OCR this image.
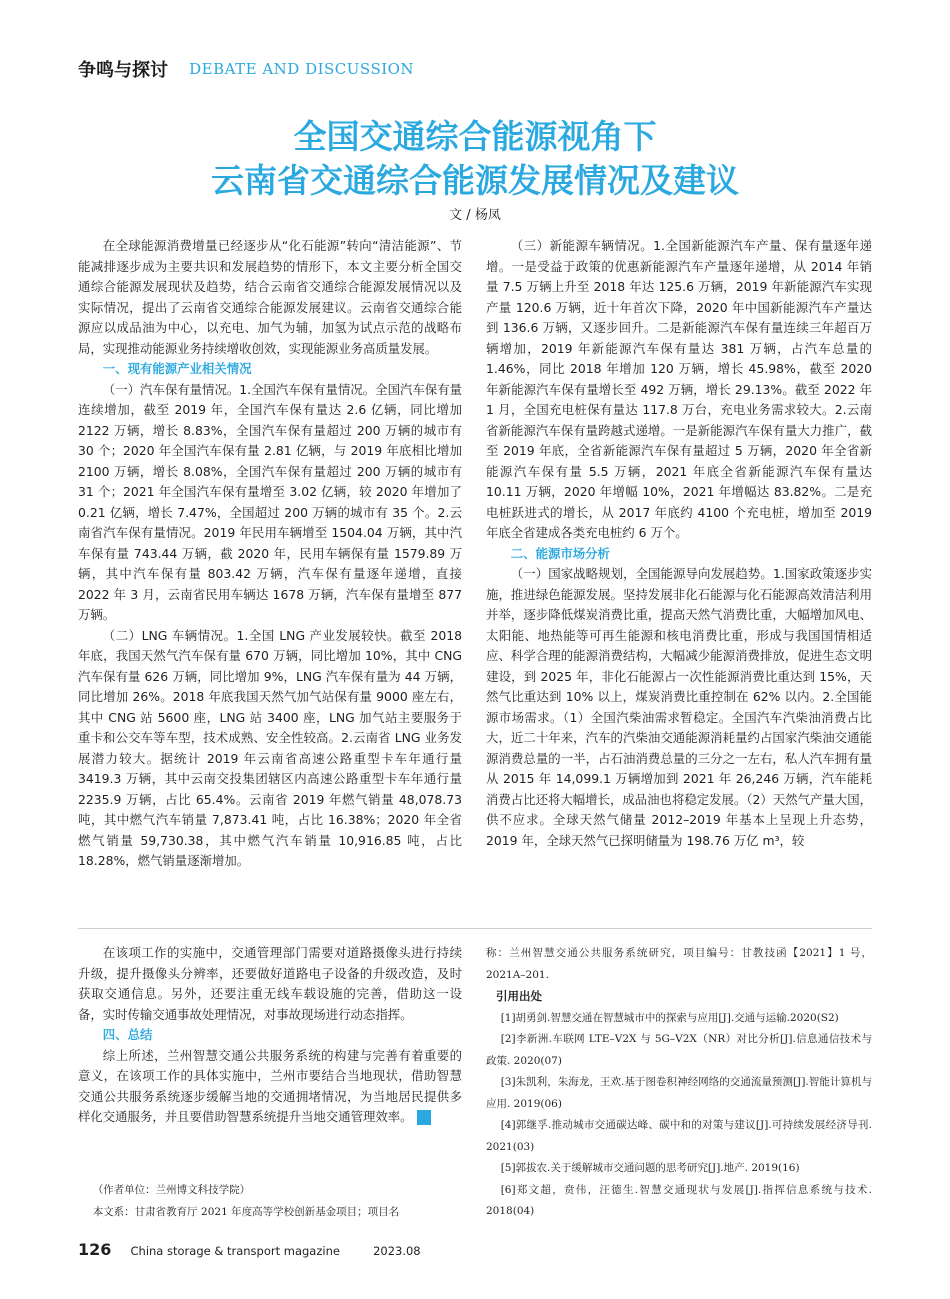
争鸣与探讨 DEBATE AND DISCUSSION
全国交通综合能源视角下
云南省交通综合能源发展情况及建议
文 / 杨凤

在全球能源消费增量已经逐步从“化石能源”转向“清洁能源”、节能减排逐步成为主要共识和发展趋势的情形下，本文主要分析全国交通综合能源发展现状及趋势，结合云南省交通综合能源发展情况以及实际情况，提出了云南省交通综合能源发展建议。云南省交通综合能源应以成品油为中心，以充电、加气为辅，加氢为试点示范的战略布局，实现推动能源业务持续增收创效，实现能源业务高质量发展。

一、现有能源产业相关情况

（一）汽车保有量情况。1.全国汽车保有量情况。全国汽车保有量连续增加，截至 2019 年，全国汽车保有量达 2.6 亿辆，同比增加 2122 万辆，增长 8.83%，全国汽车保有量超过 200 万辆的城市有 30 个；2020 年全国汽车保有量 2.81 亿辆，与 2019 年底相比增加 2100 万辆，增长 8.08%，全国汽车保有量超过 200 万辆的城市有 31 个；2021 年全国汽车保有量增至 3.02 亿辆，较 2020 年增加了 0.21 亿辆，增长 7.47%，全国超过 200 万辆的城市有 35 个。2.云南省汽车保有量情况。2019 年民用车辆增至 1504.04 万辆，其中汽车保有量 743.44 万辆，截 2020 年，民用车辆保有量 1579.89 万辆，其中汽车保有量 803.42 万辆，汽车保有量逐年递增，直接 2022 年 3 月，云南省民用车辆达 1678 万辆，汽车保有量增至 877 万辆。

（二）LNG 车辆情况。1.全国 LNG 产业发展较快。截至 2018 年底，我国天然气汽车保有量 670 万辆，同比增加 10%，其中 CNG 汽车保有量 626 万辆，同比增加 9%，LNG 汽车保有量为 44 万辆，同比增加 26%。2018 年底我国天然气加气站保有量 9000 座左右，其中 CNG 站 5600 座，LNG 站 3400 座，LNG 加气站主要服务于重卡和公交车等车型，技术成熟、安全性较高。2.云南省 LNG 业务发展潜力较大。据统计 2019 年云南省高速公路重型卡车年通行量 3419.3 万辆，其中云南交投集团辖区内高速公路重型卡车年通行量 2235.9 万辆，占比 65.4%。云南省 2019 年燃气销量 48,078.73 吨，其中燃气汽车销量 7,873.41 吨，占比 16.38%；2020 年全省燃气销量 59,730.38，其中燃气汽车销量 10,916.85 吨，占比 18.28%，燃气销量逐渐增加。

（三）新能源车辆情况。1.全国新能源汽车产量、保有量逐年递增。一是受益于政策的优惠新能源汽车产量逐年递增，从 2014 年销量 7.5 万辆上升至 2018 年达 125.6 万辆，2019 年新能源汽车实现产量 120.6 万辆，近十年首次下降，2020 年中国新能源汽车产量达到 136.6 万辆，又逐步回升。二是新能源汽车保有量连续三年超百万辆增加，2019 年新能源汽车保有量达 381 万辆，占汽车总量的 1.46%，同比 2018 年增加 120 万辆，增长 45.98%，截至 2020 年新能源汽车保有量增长至 492 万辆，增长 29.13%。截至 2022 年 1 月，全国充电桩保有量达 117.8 万台，充电业务需求较大。2.云南省新能源汽车保有量跨越式递增。一是新能源汽车保有量大力推广，截至 2019 年底，全省新能源汽车保有量超过 5 万辆，2020 年全省新能源汽车保有量 5.5 万辆，2021 年底全省新能源汽车保有量达 10.11 万辆，2020 年增幅 10%，2021 年增幅达 83.82%。二是充电桩跃进式的增长，从 2017 年底约 4100 个充电桩，增加至 2019 年底全省建成各类充电桩约 6 万个。

二、能源市场分析

（一）国家战略规划，全国能源导向发展趋势。1.国家政策逐步实施，推进绿色能源发展。坚持发展非化石能源与化石能源高效清洁利用并举，逐步降低煤炭消费比重，提高天然气消费比重，大幅增加风电、太阳能、地热能等可再生能源和核电消费比重，形成与我国国情相适应、科学合理的能源消费结构，大幅减少能源消费排放，促进生态文明建设，到 2025 年，非化石能源占一次性能源消费比重达到 15%，天然气比重达到 10% 以上，煤炭消费比重控制在 62% 以内。2.全国能源市场需求。（1）全国汽柴油需求暂稳定。全国汽车汽柴油消费占比大，近二十年来，汽车的汽柴油交通能源消耗量约占国家汽柴油交通能源消费总量的一半，占石油消费总量的三分之一左右，私人汽车拥有量从 2015 年 14,099.1 万辆增加到 2021 年 26,246 万辆，汽车能耗消费占比还将大幅增长，成品油也将稳定发展。（2）天然气产量大国，供不应求。全球天然气储量 2012–2019 年基本上呈现上升态势，2019 年，全球天然气已探明储量为 198.76 万亿 m³，较

在该项工作的实施中，交通管理部门需要对道路摄像头进行持续升级，提升摄像头分辨率，还要做好道路电子设备的升级改造，及时获取交通信息。另外，还要注重无线车载设施的完善，借助这一设备，实时传输交通事故处理情况，对事故现场进行动态指挥。

四、总结

综上所述，兰州智慧交通公共服务系统的构建与完善有着重要的意义，在该项工作的具体实施中，兰州市要结合当地现状，借助智慧交通公共服务系统逐步缓解当地的交通拥堵情况，为当地居民提供多样化交通服务，并且要借助智慧系统提升当地交通管理效率。	C

（作者单位：兰州博文科技学院）

本文系：甘肃省教育厅 2021 年度高等学校创新基金项目；项目名

称：兰州智慧交通公共服务系统研究，项目编号：甘教技函【2021】1 号，2021A–201.

引用出处

[1]胡勇剑.智慧交通在智慧城市中的探索与应用[J].交通与运输.2020(S2)

[2]李新洲.车联网 LTE–V2X 与 5G–V2X（NR）对比分析[J].信息通信技术与政策. 2020(07)

[3]朱凯利，朱海龙，王欢.基于图卷积神经网络的交通流量预测[J].智能计算机与应用. 2019(06)

[4]郭继孚.推动城市交通碳达峰、碳中和的对策与建议[J].可持续发展经济导刊. 2021(03)

[5]郭拔农.关于缓解城市交通问题的思考研究[J].地产. 2019(16)

[6]郑文超，贲伟，汪德生.智慧交通现状与发展[J].指挥信息系统与技术. 2018(04)

126 China storage & transport magazine	2023.08
